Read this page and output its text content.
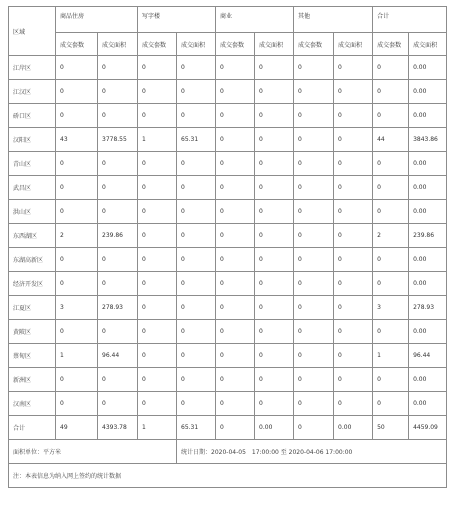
区域	商品住房		写字楼		商业		其他		合计	
	成交套数	成交面积	成交套数	成交面积	成交套数	成交面积	成交套数	成交面积	成交套数	成交面积
江岸区	0	0	0	0	0	0	0	0	0	0.00
江汉区	0	0	0	0	0	0	0	0	0	0.00
硚口区	0	0	0	0	0	0	0	0	0	0.00
汉阳区	43	3778.55	1	65.31	0	0	0	0	44	3843.86
青山区	0	0	0	0	0	0	0	0	0	0.00
武昌区	0	0	0	0	0	0	0	0	0	0.00
洪山区	0	0	0	0	0	0	0	0	0	0.00
东西湖区	2	239.86	0	0	0	0	0	0	2	239.86
东湖高新区	0	0	0	0	0	0	0	0	0	0.00
经济开发区	0	0	0	0	0	0	0	0	0	0.00
江夏区	3	278.93	0	0	0	0	0	0	3	278.93
黄陂区	0	0	0	0	0	0	0	0	0	0.00
蔡甸区	1	96.44	0	0	0	0	0	0	1	96.44
新洲区	0	0	0	0	0	0	0	0	0	0.00
汉南区	0	0	0	0	0	0	0	0	0	0.00
合计	49	4393.78	1	65.31	0	0.00	0	0.00	50	4459.09
面积单位：平方米				统计日期：2020-04-05　17:00:00 至 2020-04-06 17:00:00						
注：本表信息为纳入网上签约的统计数据										
